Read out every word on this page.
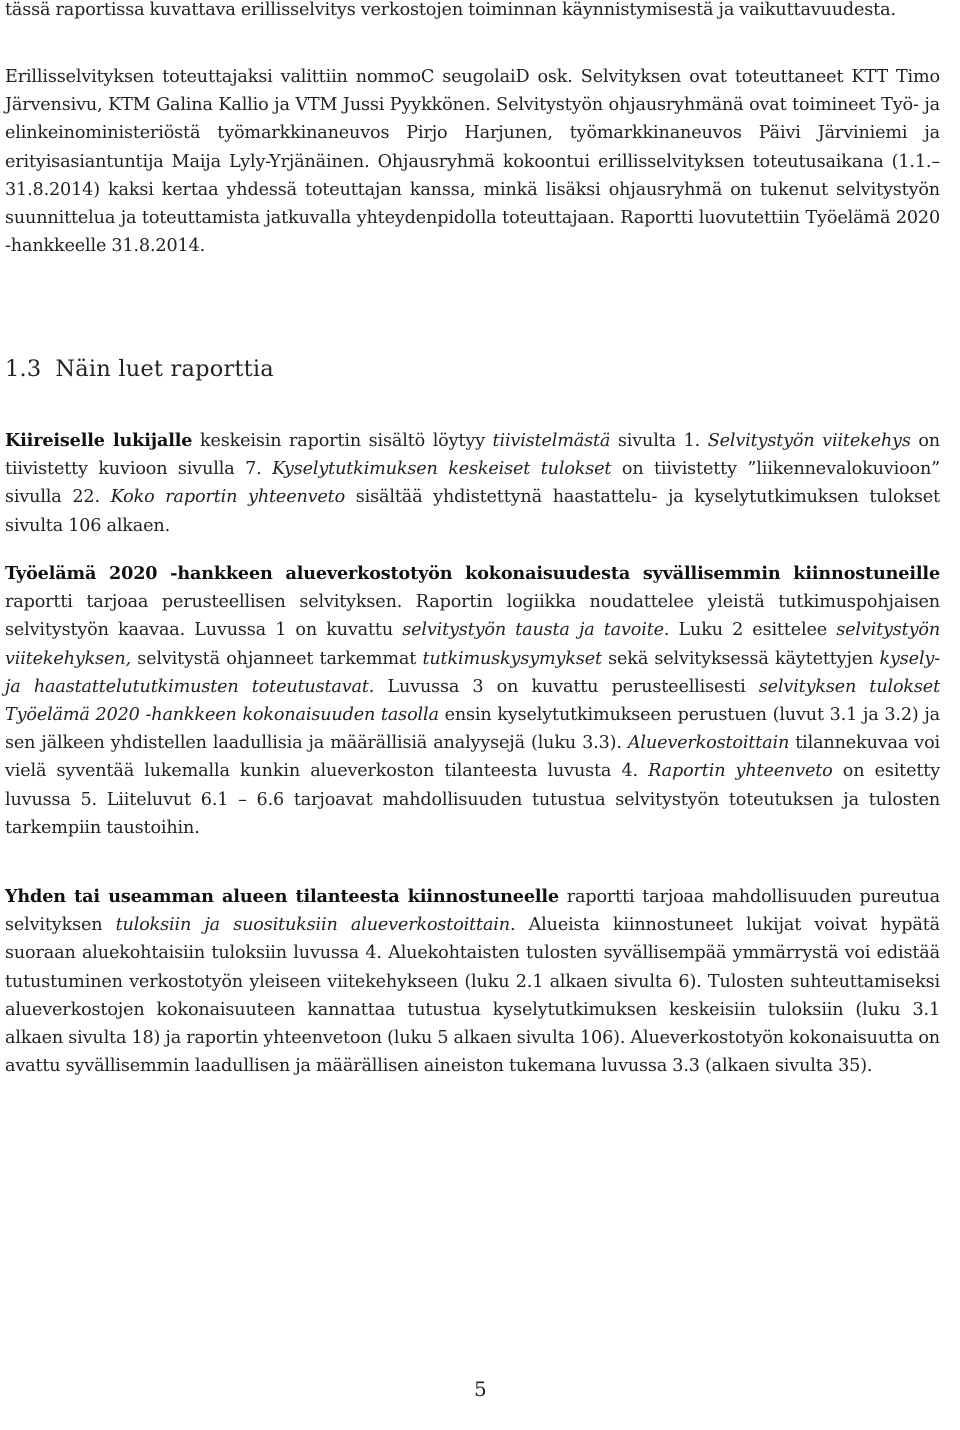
tässä raportissa kuvattava erillisselvitys verkostojen toiminnan käynnistymisestä ja vaikuttavuudesta.

Erillisselvityksen toteuttajaksi valittiin nommoC seugolaiD osk. Selvityksen ovat toteuttaneet KTT Timo Järvensivu, KTM Galina Kallio ja VTM Jussi Pyykkönen. Selvitystyön ohjausryhmänä ovat toimineet Työ- ja elinkeinoministeriöstä työmarkkinaneuvos Pirjo Harjunen, työmarkkinaneuvos Päivi Järviniemi ja erityisasiantuntija Maija Lyly-Yrjänäinen. Ohjausryhmä kokoontui erillisselvityksen toteutusaikana (1.1.–31.8.2014) kaksi kertaa yhdessä toteuttajan kanssa, minkä lisäksi ohjausryhmä on tukenut selvitystyön suunnittelua ja toteuttamista jatkuvalla yhteydenpidolla toteuttajaan. Raportti luovutettiin Työelämä 2020 -hankkeelle 31.8.2014.

1.3 Näin luet raporttia

Kiireiselle lukijalle keskeisin raportin sisältö löytyy tiivistelmästä sivulta 1. Selvitystyön viitekehys on tiivistetty kuvioon sivulla 7. Kyselytutkimuksen keskeiset tulokset on tiivistetty ”liikennevalokuvioon” sivulla 22. Koko raportin yhteenveto sisältää yhdistettynä haastattelu- ja kyselytutkimuksen tulokset sivulta 106 alkaen.

Työelämä 2020 -hankkeen alueverkostotyön kokonaisuudesta syvällisemmin kiinnostuneille raportti tarjoaa perusteellisen selvityksen. Raportin logiikka noudattelee yleistä tutkimuspohjaisen selvitystyön kaavaa. Luvussa 1 on kuvattu selvitystyön tausta ja tavoite. Luku 2 esittelee selvitystyön viitekehyksen, selvitystä ohjanneet tarkemmat tutkimuskysymykset sekä selvityksessä käytettyjen kysely- ja haastattelututkimusten toteutustavat. Luvussa 3 on kuvattu perusteellisesti selvityksen tulokset Työelämä 2020 -hankkeen kokonaisuuden tasolla ensin kyselytutkimukseen perustuen (luvut 3.1 ja 3.2) ja sen jälkeen yhdistellen laadullisia ja määrällisiä analyysejä (luku 3.3). Alueverkostoittain tilannekuvaa voi vielä syventää lukemalla kunkin alueverkoston tilanteesta luvusta 4. Raportin yhteenveto on esitetty luvussa 5. Liiteluvut 6.1 – 6.6 tarjoavat mahdollisuuden tutustua selvitystyön toteutuksen ja tulosten tarkempiin taustoihin.

Yhden tai useamman alueen tilanteesta kiinnostuneelle raportti tarjoaa mahdollisuuden pureutua selvityksen tuloksiin ja suosituksiin alueverkostoittain. Alueista kiinnostuneet lukijat voivat hypätä suoraan aluekohtaisiin tuloksiin luvussa 4. Aluekohtaisten tulosten syvällisempää ymmärrystä voi edistää tutustuminen verkostotyön yleiseen viitekehykseen (luku 2.1 alkaen sivulta 6). Tulosten suhteuttamiseksi alueverkostojen kokonaisuuteen kannattaa tutustua kyselytutkimuksen keskeisiin tuloksiin (luku 3.1 alkaen sivulta 18) ja raportin yhteenvetoon (luku 5 alkaen sivulta 106). Alueverkostotyön kokonaisuutta on avattu syvällisemmin laadullisen ja määrällisen aineiston tukemana luvussa 3.3 (alkaen sivulta 35).

5
